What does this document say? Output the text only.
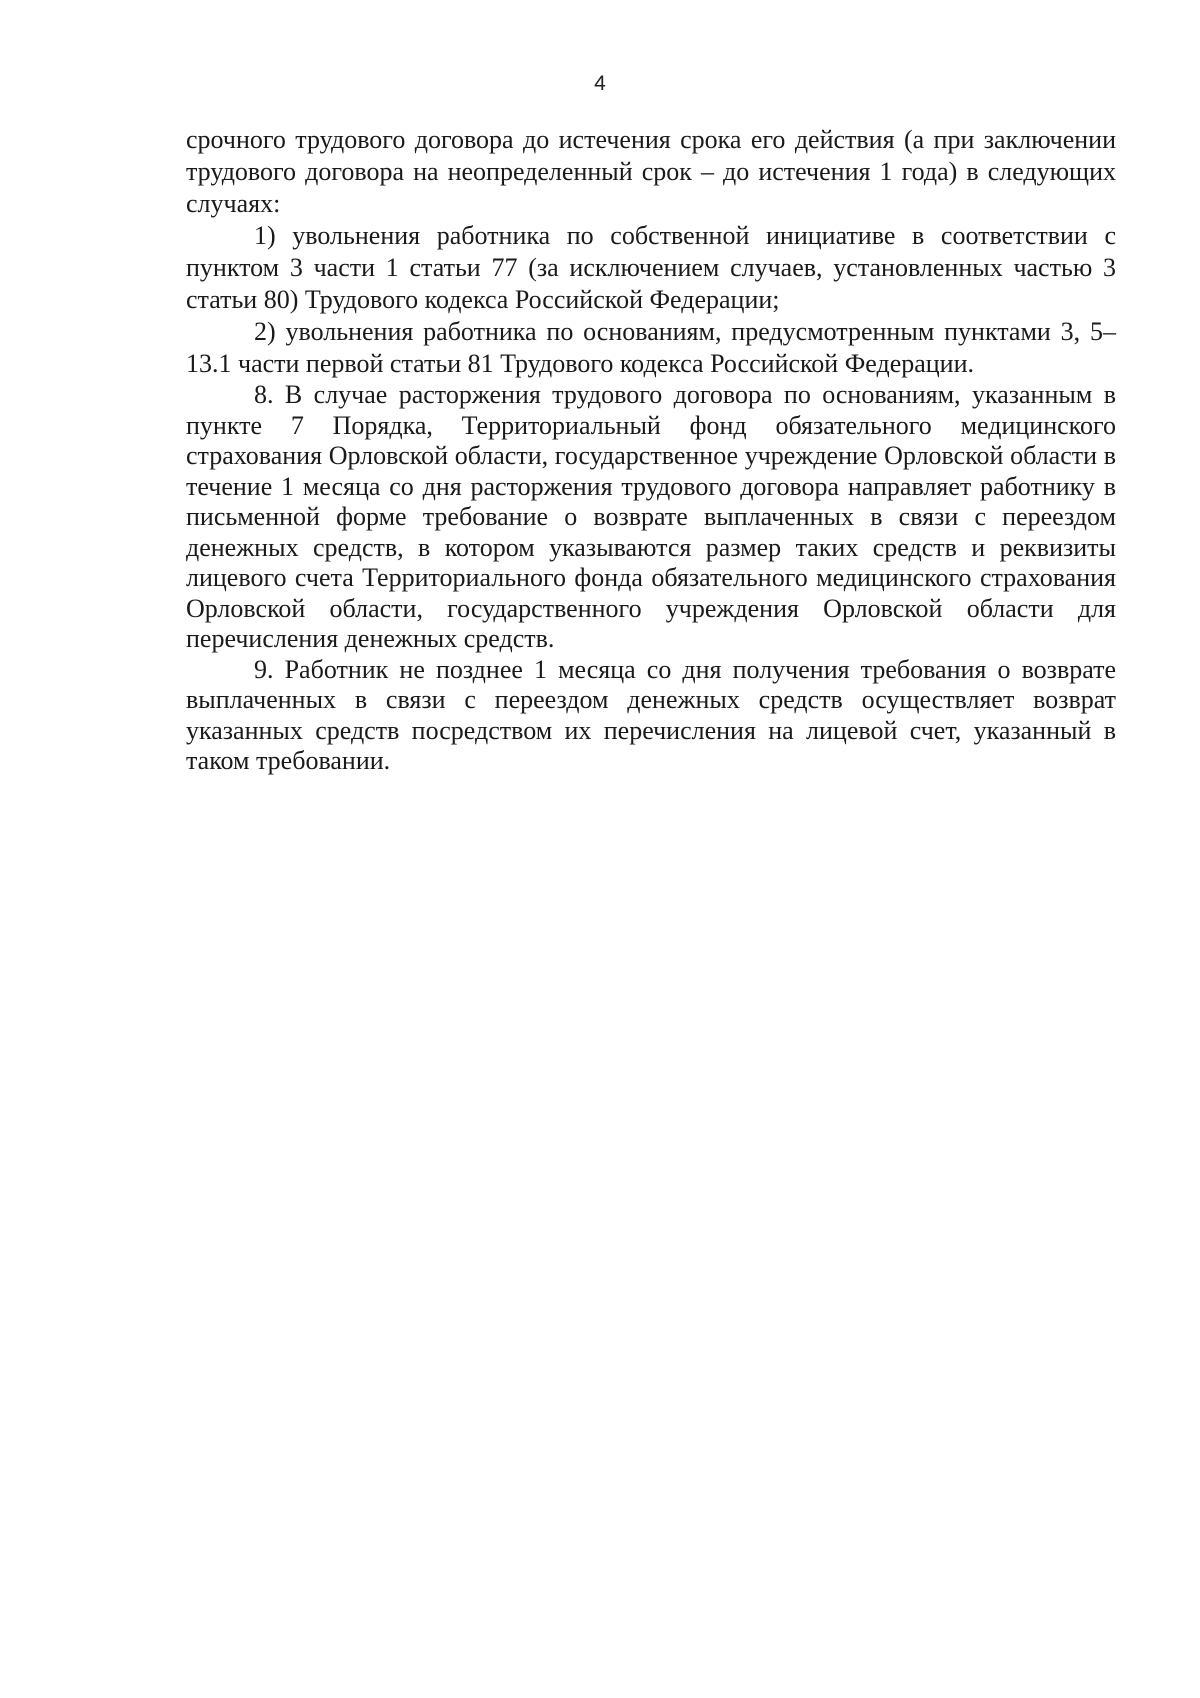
4

срочного трудового договора до истечения срока его действия (а при заключении трудового договора на неопределенный срок – до истечения 1 года) в следующих случаях:

1) увольнения работника по собственной инициативе в соответствии с пунктом 3 части 1 статьи 77 (за исключением случаев, установленных частью 3 статьи 80) Трудового кодекса Российской Федерации;

2) увольнения работника по основаниям, предусмотренным пунктами 3, 5–13.1 части первой статьи 81 Трудового кодекса Российской Федерации.

8. В случае расторжения трудового договора по основаниям, указанным в пункте 7 Порядка, Территориальный фонд обязательного медицинского страхования Орловской области, государственное учреждение Орловской области в течение 1 месяца со дня расторжения трудового договора направляет работнику в письменной форме требование о возврате выплаченных в связи с переездом денежных средств, в котором указываются размер таких средств и реквизиты лицевого счета Территориального фонда обязательного медицинского страхования Орловской области, государственного учреждения Орловской области для перечисления денежных средств.

9. Работник не позднее 1 месяца со дня получения требования о возврате выплаченных в связи с переездом денежных средств осуществляет возврат указанных средств посредством их перечисления на лицевой счет, указанный в таком требовании.
